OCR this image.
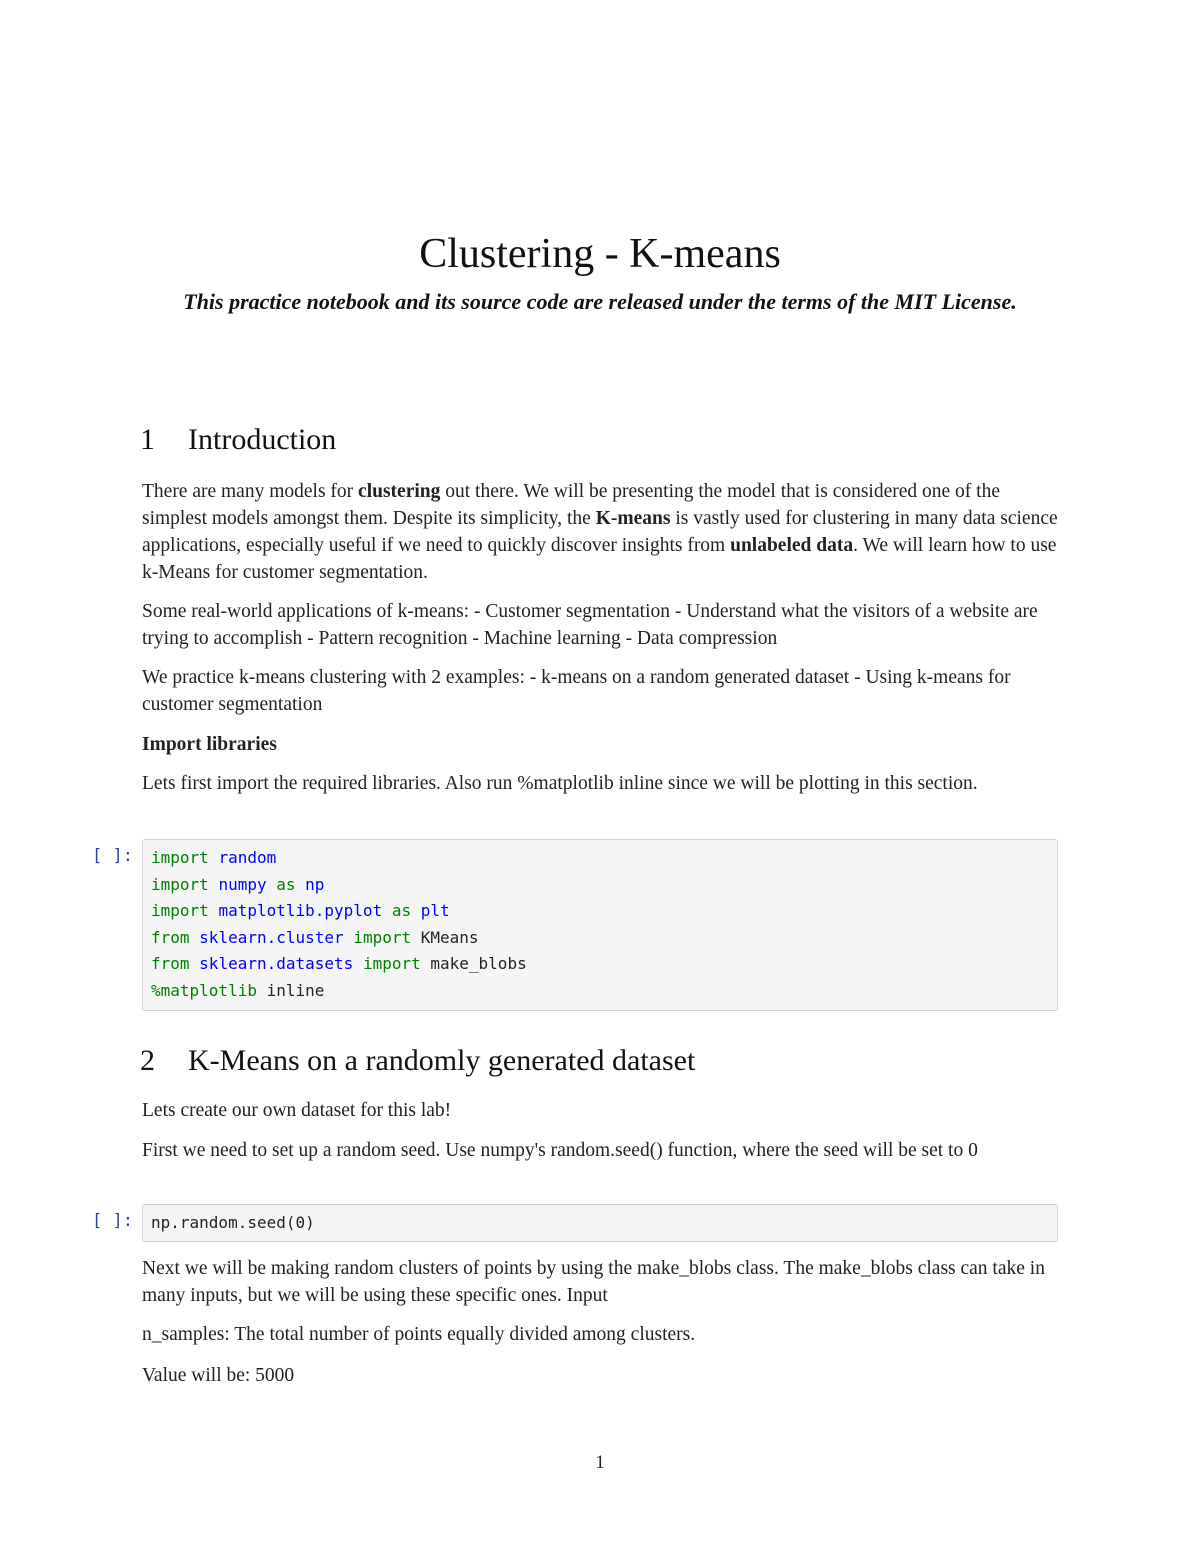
Clustering - K-means
This practice notebook and its source code are released under the terms of the MIT License.
1 Introduction

There are many models for clustering out there. We will be presenting the model that is considered one of the simplest models amongst them. Despite its simplicity, the K-means is vastly used for clustering in many data science applications, especially useful if we need to quickly discover insights from unlabeled data. We will learn how to use k-Means for customer segmentation.

Some real-world applications of k-means: - Customer segmentation - Understand what the visitors of a website are trying to accomplish - Pattern recognition - Machine learning - Data compression

We practice k-means clustering with 2 examples: - k-means on a random generated dataset - Using k-means for customer segmentation

Import libraries

Lets first import the required libraries. Also run %matplotlib inline since we will be plotting in this section.

[ ]: import random
import numpy as np
import matplotlib.pyplot as plt
from sklearn.cluster import KMeans
from sklearn.datasets import make_blobs
%matplotlib inline
2 K-Means on a randomly generated dataset

Lets create our own dataset for this lab!

First we need to set up a random seed. Use numpy's random.seed() function, where the seed will be set to 0

[ ]: np.random.seed(0)

Next we will be making random clusters of points by using the make_blobs class. The make_blobs class can take in many inputs, but we will be using these specific ones. Input

n_samples: The total number of points equally divided among clusters.

Value will be: 5000

1
